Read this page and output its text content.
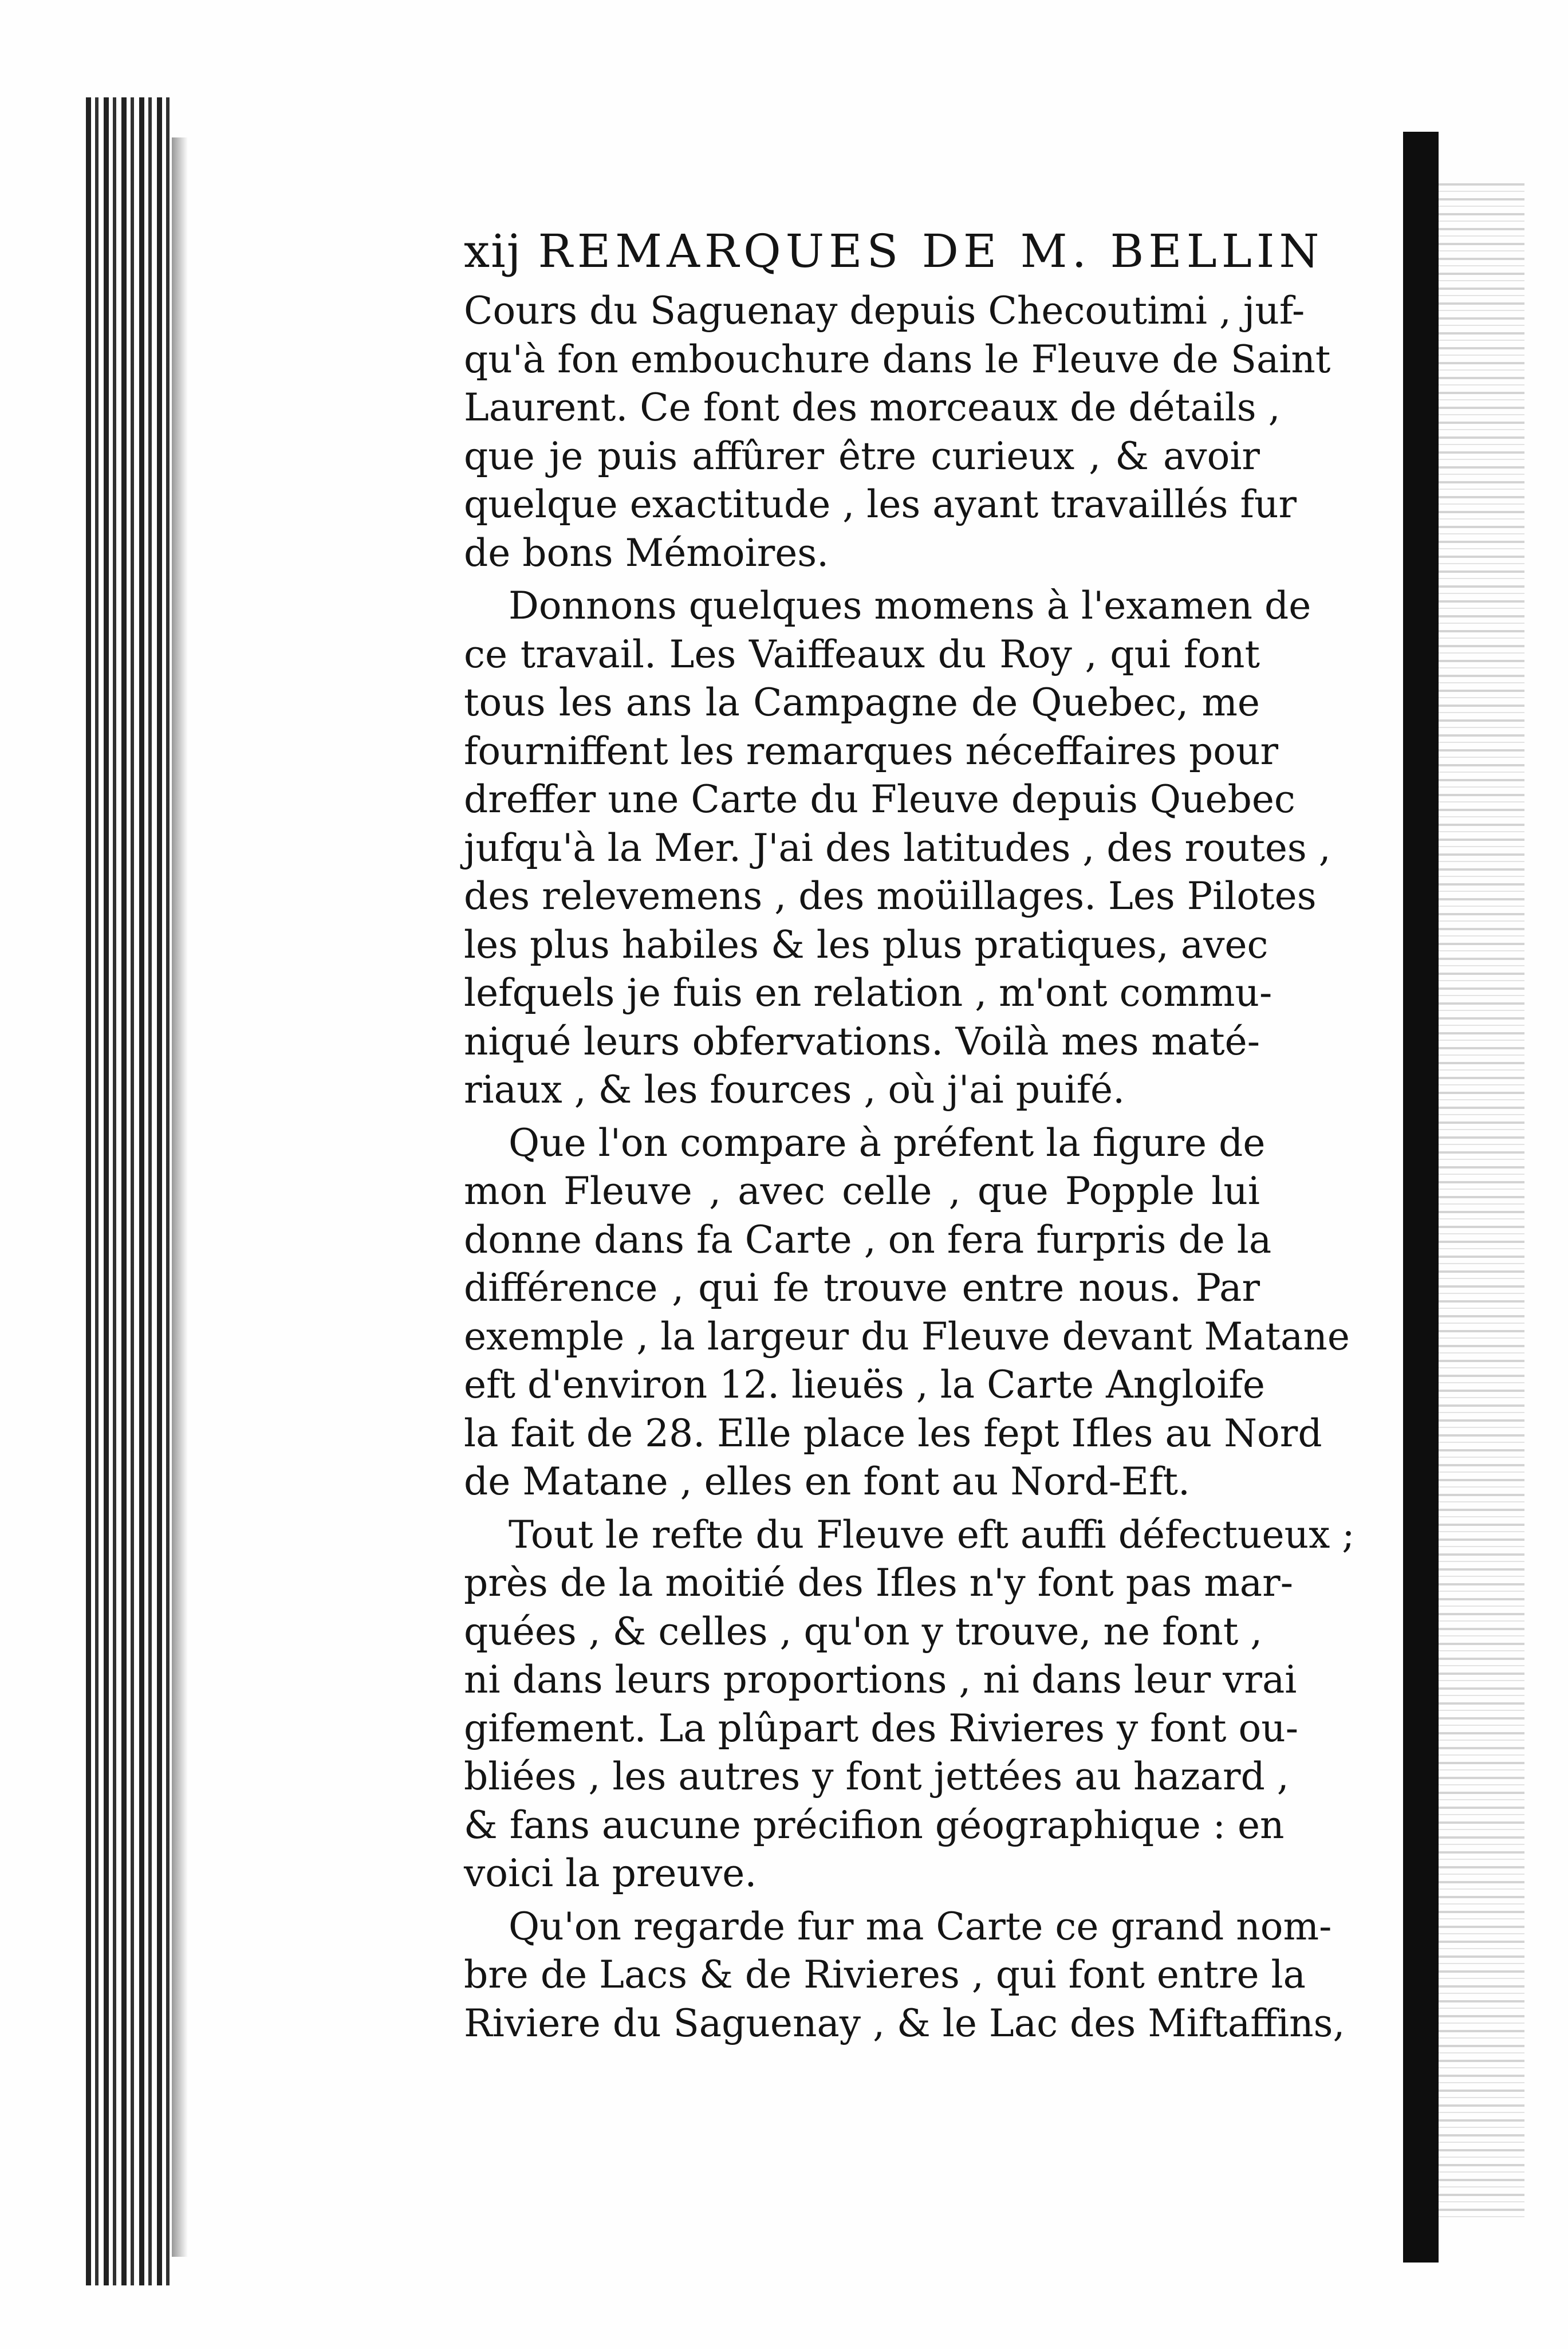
xij REMARQUES DE M. BELLIN
Cours du Saguenay depuis Checoutimi , juf-
qu'à fon embouchure dans le Fleuve de Saint
Laurent. Ce font des morceaux de détails ,
que je puis affûrer être curieux , & avoir
quelque exactitude , les ayant travaillés fur
de bons Mémoires.
Donnons quelques momens à l'examen de
ce travail. Les Vaiffeaux du Roy , qui font
tous les ans la Campagne de Quebec, me
fourniffent les remarques néceffaires pour
dreffer une Carte du Fleuve depuis Quebec
jufqu'à la Mer. J'ai des latitudes , des routes ,
des relevemens , des moüillages. Les Pilotes
les plus habiles & les plus pratiques, avec
lefquels je fuis en relation , m'ont commu-
niqué leurs obfervations. Voilà mes maté-
riaux , & les fources , où j'ai puifé.
Que l'on compare à préfent la figure de
mon Fleuve , avec celle , que Popple lui
donne dans fa Carte , on fera furpris de la
différence , qui fe trouve entre nous. Par
exemple , la largeur du Fleuve devant Matane
eft d'environ 12. lieuës , la Carte Angloife
la fait de 28. Elle place les fept Ifles au Nord
de Matane , elles en font au Nord-Eft.
Tout le refte du Fleuve eft auffi défectueux ;
près de la moitié des Ifles n'y font pas mar-
quées , & celles , qu'on y trouve, ne font ,
ni dans leurs proportions , ni dans leur vrai
gifement. La plûpart des Rivieres y font ou-
bliées , les autres y font jettées au hazard ,
& fans aucune précifion géographique : en
voici la preuve.
Qu'on regarde fur ma Carte ce grand nom-
bre de Lacs & de Rivieres , qui font entre la
Riviere du Saguenay , & le Lac des Miftaffins,
